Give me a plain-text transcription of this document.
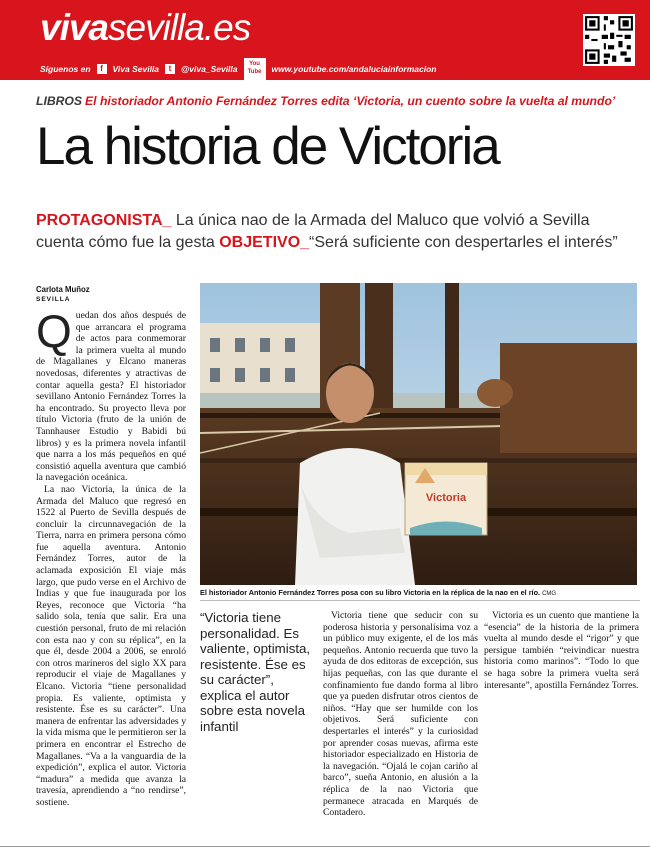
vivasevilla.es
Síguenos en	f	Viva Sevilla	t	@viva_Sevilla	You
Tube	www.youtube.com/andaluciainformacion
LIBROS El historiador Antonio Fernández Torres edita ‘Victoria, un cuento sobre la vuelta al mundo’
La historia de Victoria
PROTAGONISTA_ La única nao de la Armada del Maluco que volvió a Sevilla
cuenta cómo fue la gesta OBJETIVO_“Será suficiente con despertarles el interés”
Carlota Muñoz
SEVILLA

Quedan dos años después de que arrancara el programa de actos para conmemorar la primera vuelta al mundo de Magallanes y Elcano maneras novedosas, diferentes y atractivas de contar aquella gesta? El historiador sevillano Antonio Fernández Torres la ha encontrado. Su proyecto lleva por título Victoria (fruto de la unión de Tannhauser Estudio y Babidi bú libros) y es la primera novela infantil que narra a los más pequeños en qué consistió aquella aventura que cambió la navegación oceánica.

La nao Victoria, la única de la Armada del Maluco que regresó en 1522 al Puerto de Sevilla después de concluir la circunnavegación de la Tierra, narra en primera persona cómo fue aquella aventura. Antonio Fernández Torres, autor de la aclamada exposición El viaje más largo, que pudo verse en el Archivo de Indias y que fue inaugurada por los Reyes, reconoce que Victoria “ha salido sola, tenía que salir. Era una cuestión personal, fruto de mi relación con esta nao y con su réplica”, en la que él, desde 2004 a 2006, se enroló con otros marineros del siglo XX para reproducir el viaje de Magallanes y Elcano. Victoria “tiene personalidad propia. Es valiente, optimista y resistente. Ése es su carácter”. Una manera de enfrentar las adversidades y la vida misma que le permitieron ser la primera en encontrar el Estrecho de Magallanes. “Va a la vanguardia de la expedición”, explica el autor. Victoria “madura” a medida que avanza la travesía, aprendiendo a “no rendirse”, sostiene.

Victoria
El historiador Antonio Fernández Torres posa con su libro Victoria en la réplica de la nao en el río. CMG
“Victoria tiene personalidad. Es valiente, optimista, resistente. Ése es su carácter”, explica el autor sobre esta novela infantil

Victoria tiene que seducir con su poderosa historia y personalísima voz a un público muy exigente, el de los más pequeños. Antonio recuerda que tuvo la ayuda de dos editoras de excepción, sus hijas pequeñas, con las que durante el confinamiento fue dando forma al libro que ya pueden disfrutar otros cientos de niños. “Hay que ser humilde con los objetivos. Será suficiente con despertarles el interés” y la curiosidad por aprender cosas nuevas, afirma este historiador especializado en Historia de la navegación. “Ojalá le cojan cariño al barco”, sueña Antonio, en alusión a la réplica de la nao Victoria que permanece atracada en Marqués de Contadero.

Victoria es un cuento que mantiene la “esencia” de la historia de la primera vuelta al mundo desde el “rigor” y que persigue también “reivindicar nuestra historia como marinos”. “Todo lo que se haga sobre la primera vuelta será interesante”, apostilla Fernández Torres.
